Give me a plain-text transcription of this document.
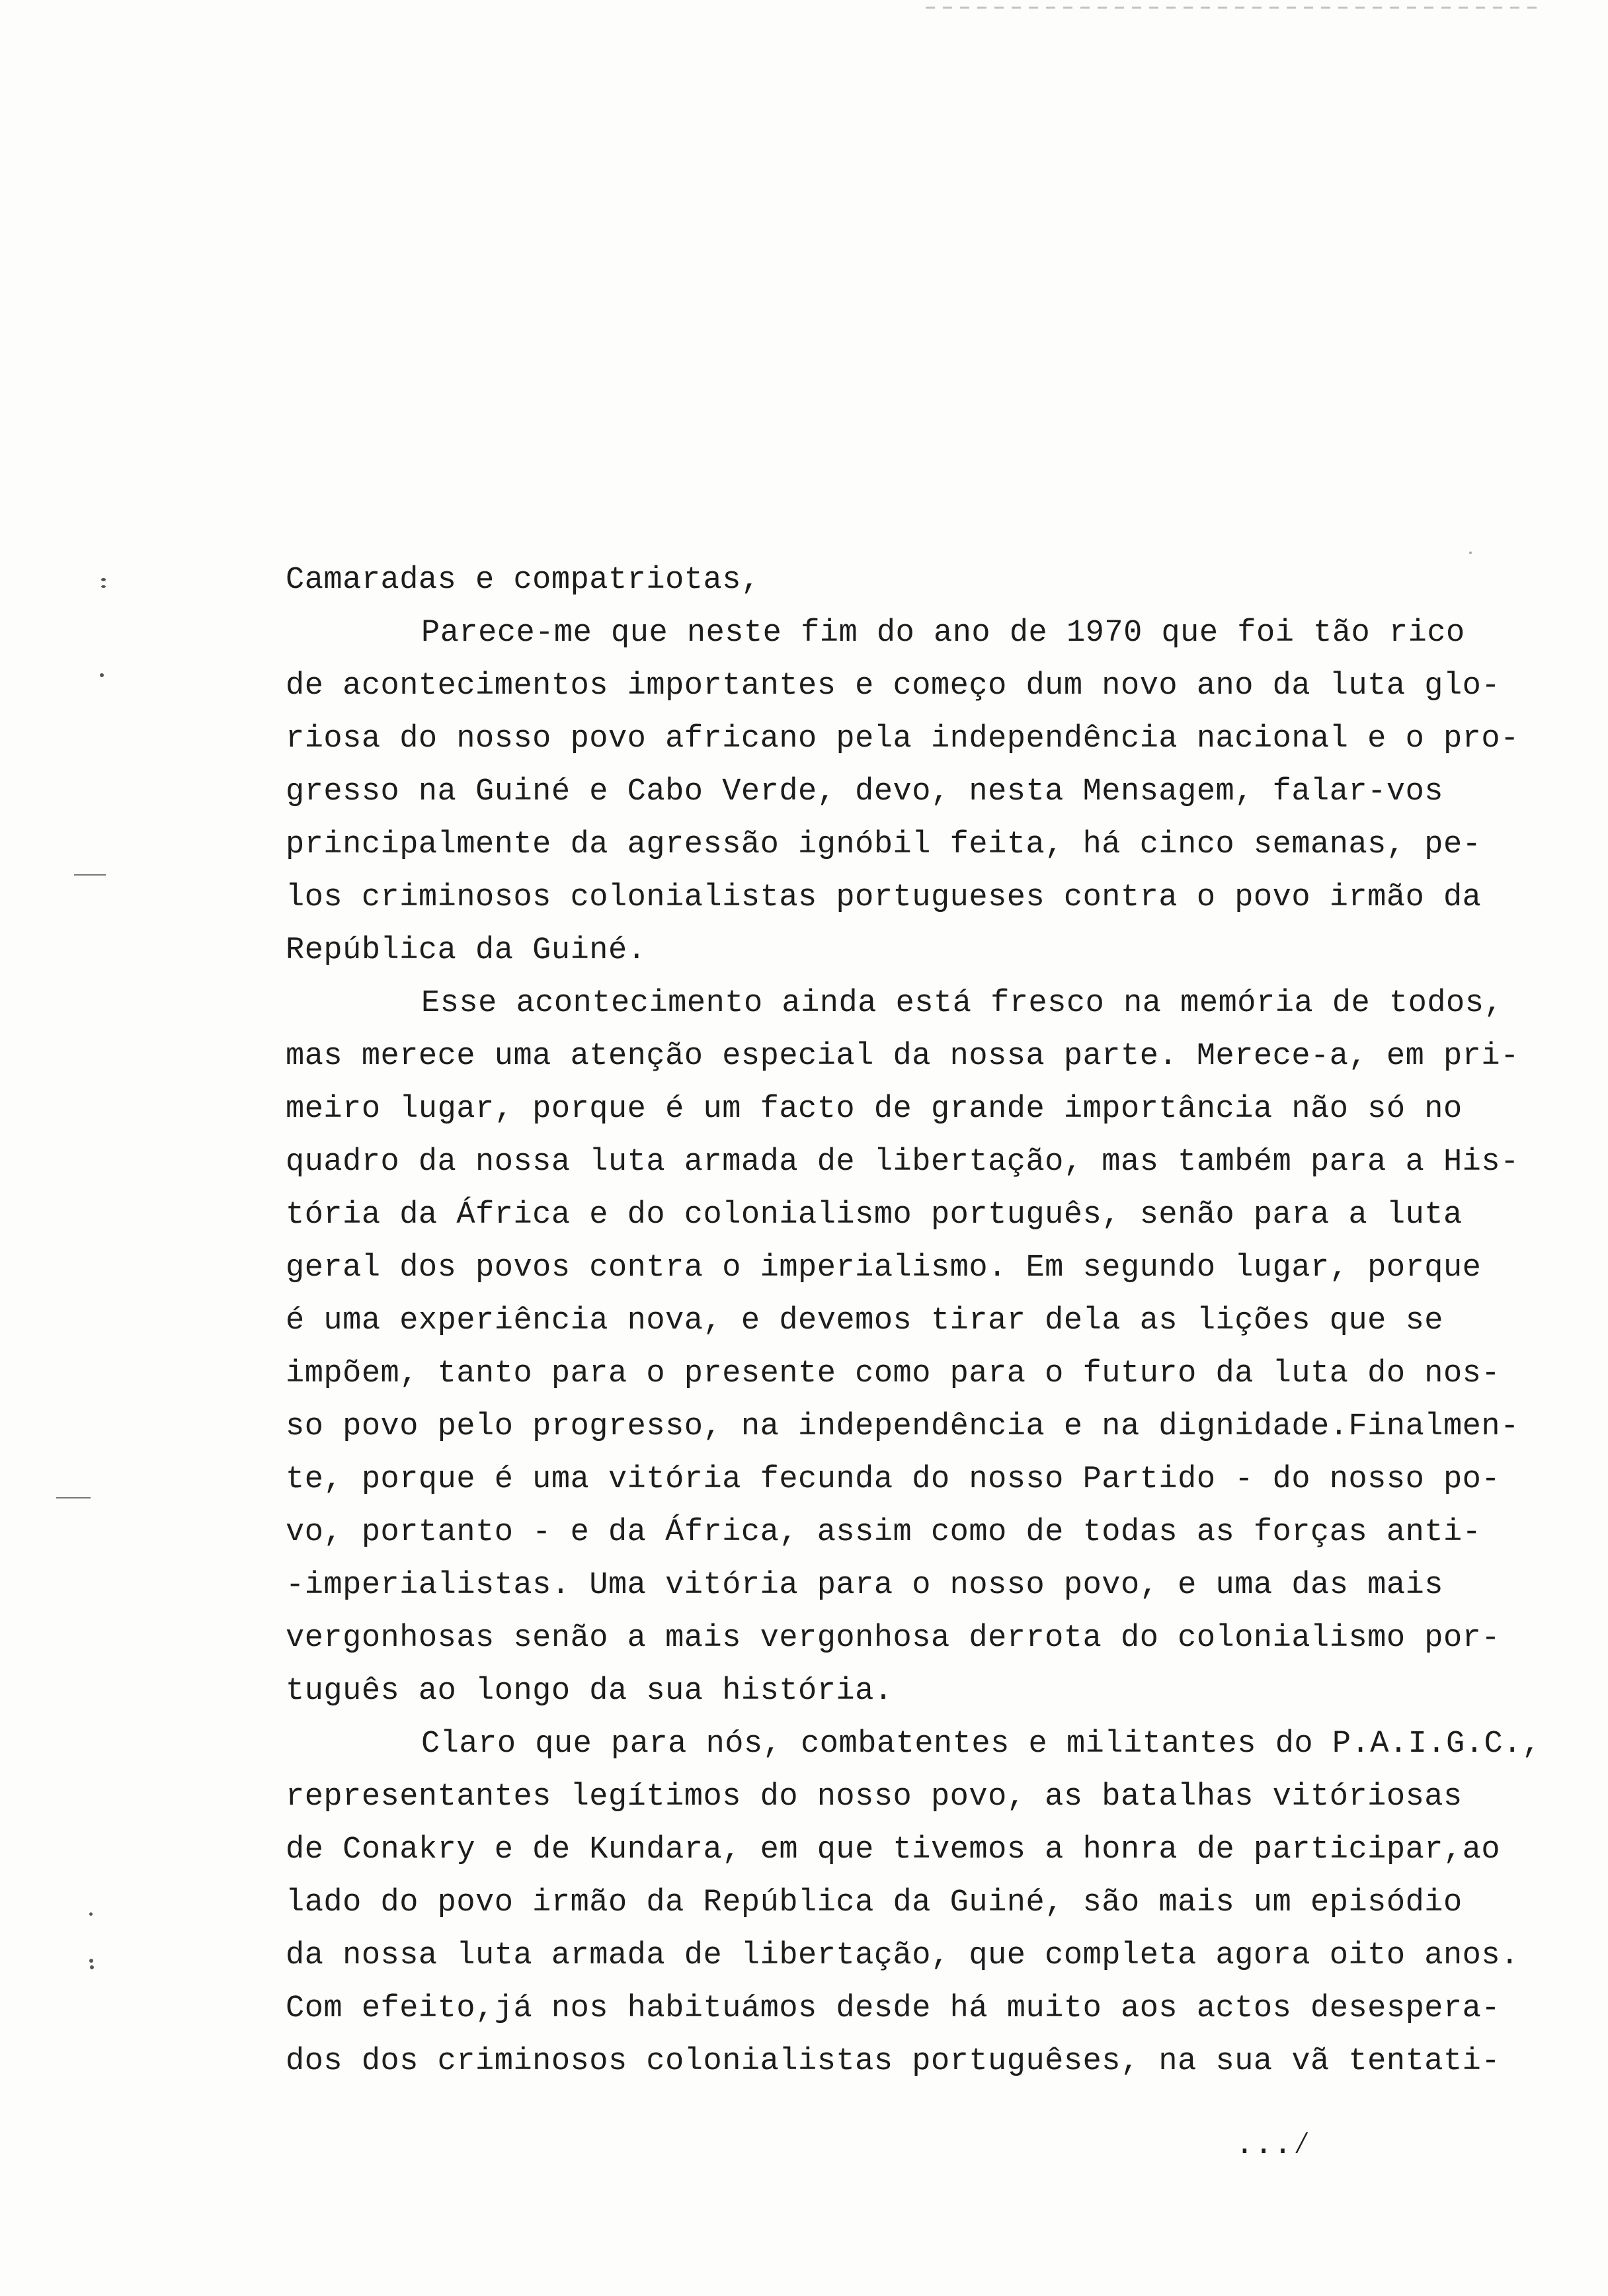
Camaradas e compatriotas,
Parece-me que neste fim do ano de 1970 que foi tão rico
de acontecimentos importantes e começo dum novo ano da luta glo-
riosa do nosso povo africano pela independência nacional e o pro-
gresso na Guiné e Cabo Verde, devo, nesta Mensagem, falar-vos
principalmente da agressão ignóbil feita, há cinco semanas, pe-
los criminosos colonialistas portugueses contra o povo irmão da
República da Guiné.
Esse acontecimento ainda está fresco na memória de todos,
mas merece uma atenção especial da nossa parte. Merece-a, em pri-
meiro lugar, porque é um facto de grande importância não só no
quadro da nossa luta armada de libertação, mas também para a His-
tória da África e do colonialismo português, senão para a luta
geral dos povos contra o imperialismo. Em segundo lugar, porque
é uma experiência nova, e devemos tirar dela as lições que se
impõem, tanto para o presente como para o futuro da luta do nos-
so povo pelo progresso, na independência e na dignidade.Finalmen-
te, porque é uma vitória fecunda do nosso Partido - do nosso po-
vo, portanto - e da África, assim como de todas as forças anti-
-imperialistas. Uma vitória para o nosso povo, e uma das mais
vergonhosas senão a mais vergonhosa derrota do colonialismo por-
tuguês ao longo da sua história.
Claro que para nós, combatentes e militantes do P.A.I.G.C.,
representantes legítimos do nosso povo, as batalhas vitóriosas
de Conakry e de Kundara, em que tivemos a honra de participar,ao
lado do povo irmão da República da Guiné, são mais um episódio
da nossa luta armada de libertação, que completa agora oito anos.
Com efeito,já nos habituámos desde há muito aos actos desespera-
dos dos criminosos colonialistas portuguêses, na sua vã tentati-
...⁄
